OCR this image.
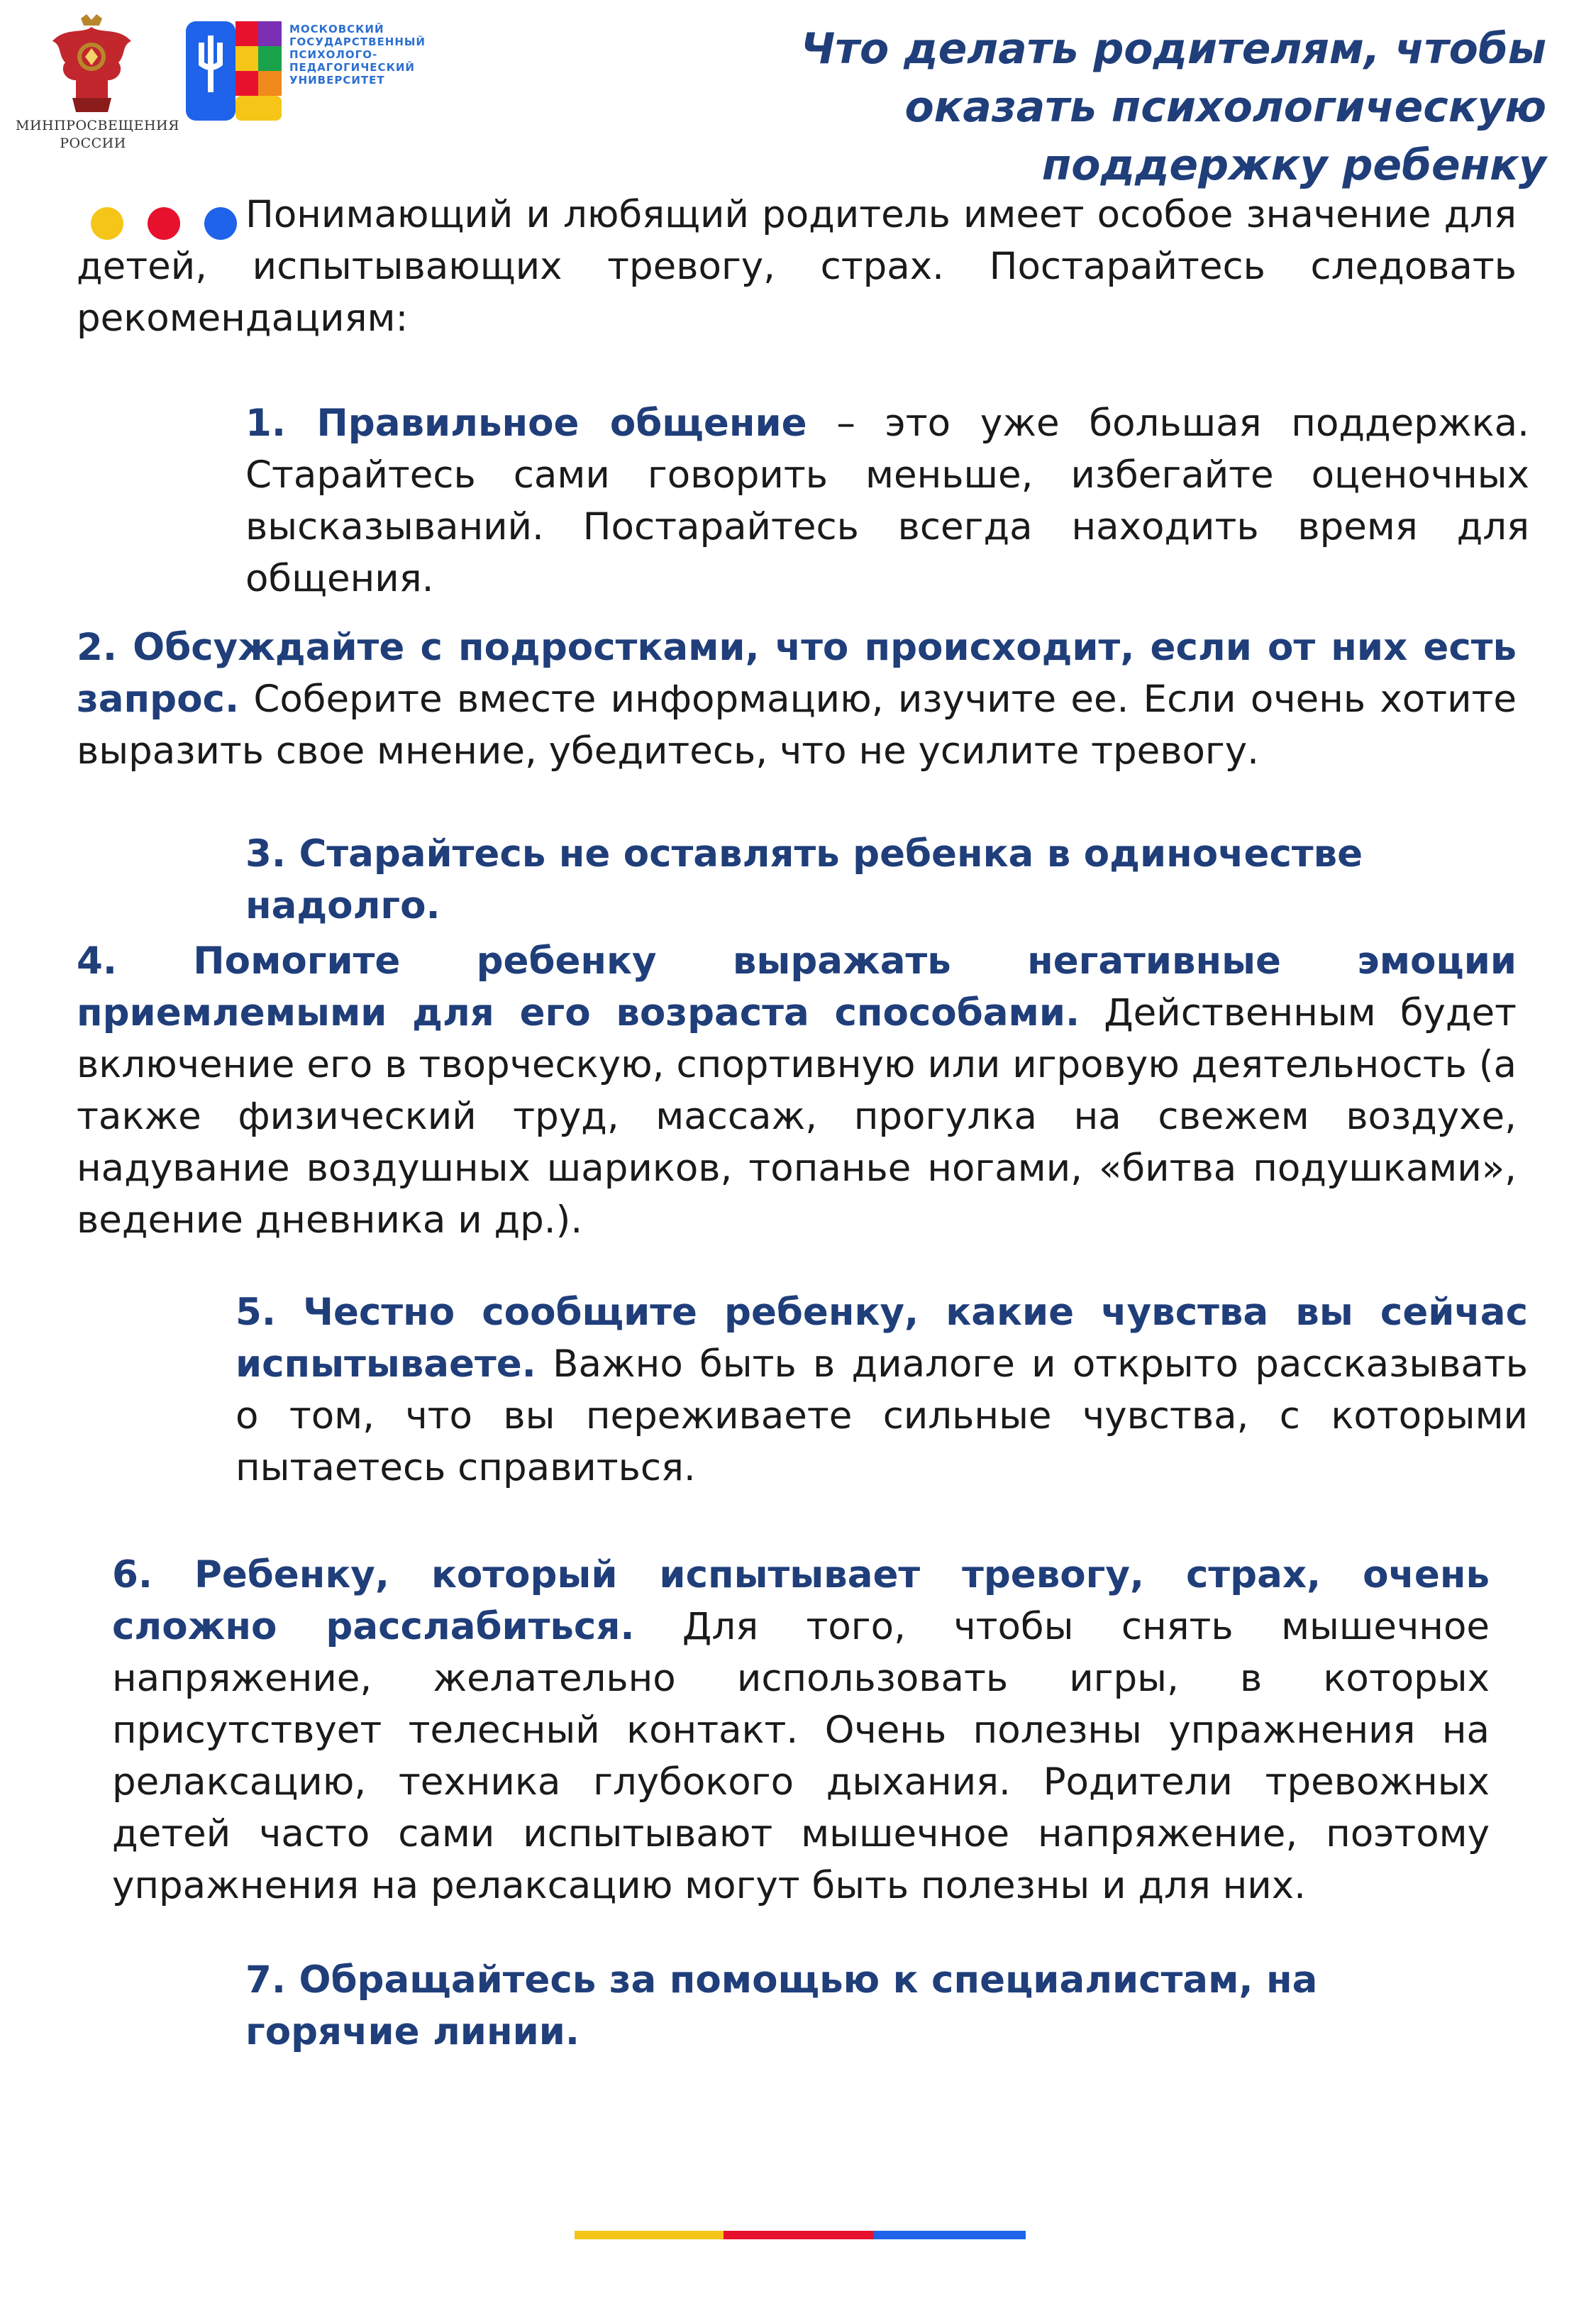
МИНПРОСВЕЩЕНИЯ
РОССИИ
МОСКОВСКИЙ
ГОСУДАРСТВЕННЫЙ
ПСИХОЛОГО-
ПЕДАГОГИЧЕСКИЙ
УНИВЕРСИТЕТ
Что делать родителям, чтобы
оказать психологическую
поддержку ребенку

Понимающий и любящий родитель имеет особое значение для детей, испытывающих тревогу, страх. Постарайтесь следовать рекомендациям:

1. Правильное общение – это уже большая поддержка. Старайтесь сами говорить меньше, избегайте оценочных высказываний. Постарайтесь всегда находить время для общения.

2. Обсуждайте с подростками, что происходит, если от них есть запрос. Соберите вместе информацию, изучите ее. Если очень хотите выразить свое мнение, убедитесь, что не усилите тревогу.

3. Старайтесь не оставлять ребенка в одиночестве надолго.

4. Помогите ребенку выражать негативные эмоции приемлемыми для его возраста способами. Действенным будет включение его в творческую, спортивную или игровую деятельность (а также физический труд, массаж, прогулка на свежем воздухе, надувание воздушных шариков, топанье ногами, «битва подушками», ведение дневника и др.).

5. Честно сообщите ребенку, какие чувства вы сейчас испытываете. Важно быть в диалоге и открыто рассказывать о том, что вы переживаете сильные чувства, с которыми пытаетесь справиться.

6. Ребенку, который испытывает тревогу, страх, очень сложно расслабиться. Для того, чтобы снять мышечное напряжение, желательно использовать игры, в которых присутствует телесный контакт. Очень полезны упражнения на релаксацию, техника глубокого дыхания. Родители тревожных детей часто сами испытывают мышечное напряжение, поэтому упражнения на релаксацию могут быть полезны и для них.

7. Обращайтесь за помощью к специалистам, на горячие линии.
